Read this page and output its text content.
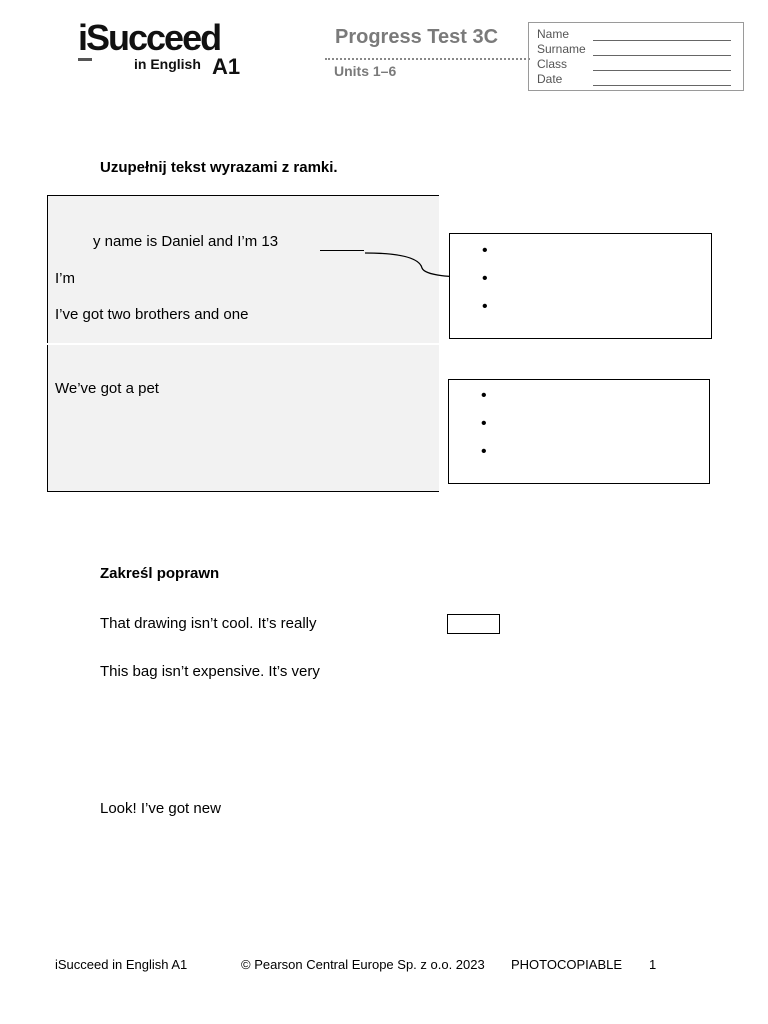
iSucceed
in English A1
Progress Test 3C
Units 1–6
Name
Surname
Class
Date
Uzupełnij tekst wyrazami z ramki.
y name is Daniel and I’m 13
I’m
I’ve got two brothers and one
We’ve got a pet
•
•
•
•
•
•
Zakreśl poprawn
That drawing isn’t cool. It’s really
This bag isn’t expensive. It’s very
Look! I’ve got new
iSucceed in English A1	© Pearson Central Europe Sp. z o.o. 2023 PHOTOCOPIABLE 1
